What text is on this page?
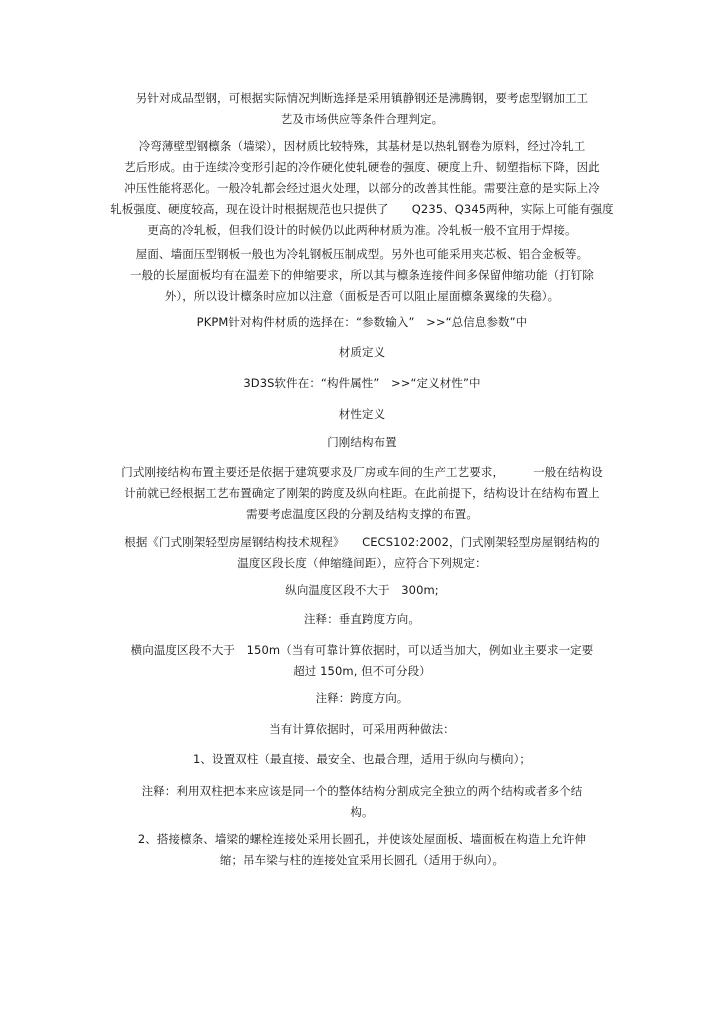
另针对成品型钢，可根据实际情况判断选择是采用镇静钢还是沸腾钢，要考虑型钢加工工
艺及市场供应等条件合理判定。

冷弯薄壁型钢檩条（墙梁），因材质比较特殊，其基材是以热轧钢卷为原料，经过冷轧工
艺后形成。由于连续冷变形引起的冷作硬化使轧硬卷的强度、硬度上升、韧塑指标下降，因此
冲压性能将恶化。一般冷轧都会经过退火处理，以部分的改善其性能。需要注意的是实际上冷
轧板强度、硬度较高，现在设计时根据规范也只提供了　　Q235、Q345两种，实际上可能有强度
更高的冷轧板，但我们设计的时候仍以此两种材质为准。冷轧板一般不宜用于焊接。

屋面、墙面压型钢板一般也为冷轧钢板压制成型。另外也可能采用夹芯板、铝合金板等。
一般的长屋面板均有在温差下的伸缩要求，所以其与檩条连接件间多保留伸缩功能（打钉除
外），所以设计檩条时应加以注意（面板是否可以阻止屋面檩条翼缘的失稳）。

PKPM针对构件材质的选择在：“参数输入”　>>“总信息参数”中

材质定义

3D3S软件在：“构件属性”　>>“定义材性”中

材性定义

门刚结构布置

门式刚接结构布置主要还是依据于建筑要求及厂房或车间的生产工艺要求，　　　一般在结构设
计前就已经根据工艺布置确定了刚架的跨度及纵向柱距。在此前提下，结构设计在结构布置上
需要考虑温度区段的分割及结构支撑的布置。

根据《门式刚架轻型房屋钢结构技术规程》　　CECS102:2002，门式刚架轻型房屋钢结构的
温度区段长度（伸缩缝间距），应符合下列规定：

纵向温度区段不大于　300m;

注释：垂直跨度方向。

横向温度区段不大于　150m（当有可靠计算依据时，可以适当加大，例如业主要求一定要
超过 150m, 但不可分段）

注释：跨度方向。

当有计算依据时，可采用两种做法：

1、设置双柱（最直接、最安全、也最合理，适用于纵向与横向）；

注释：利用双柱把本来应该是同一个的整体结构分割成完全独立的两个结构或者多个结
构。

2、搭接檩条、墙梁的螺栓连接处采用长圆孔，并使该处屋面板、墙面板在构造上允许伸
缩；吊车梁与柱的连接处宜采用长圆孔（适用于纵向）。
